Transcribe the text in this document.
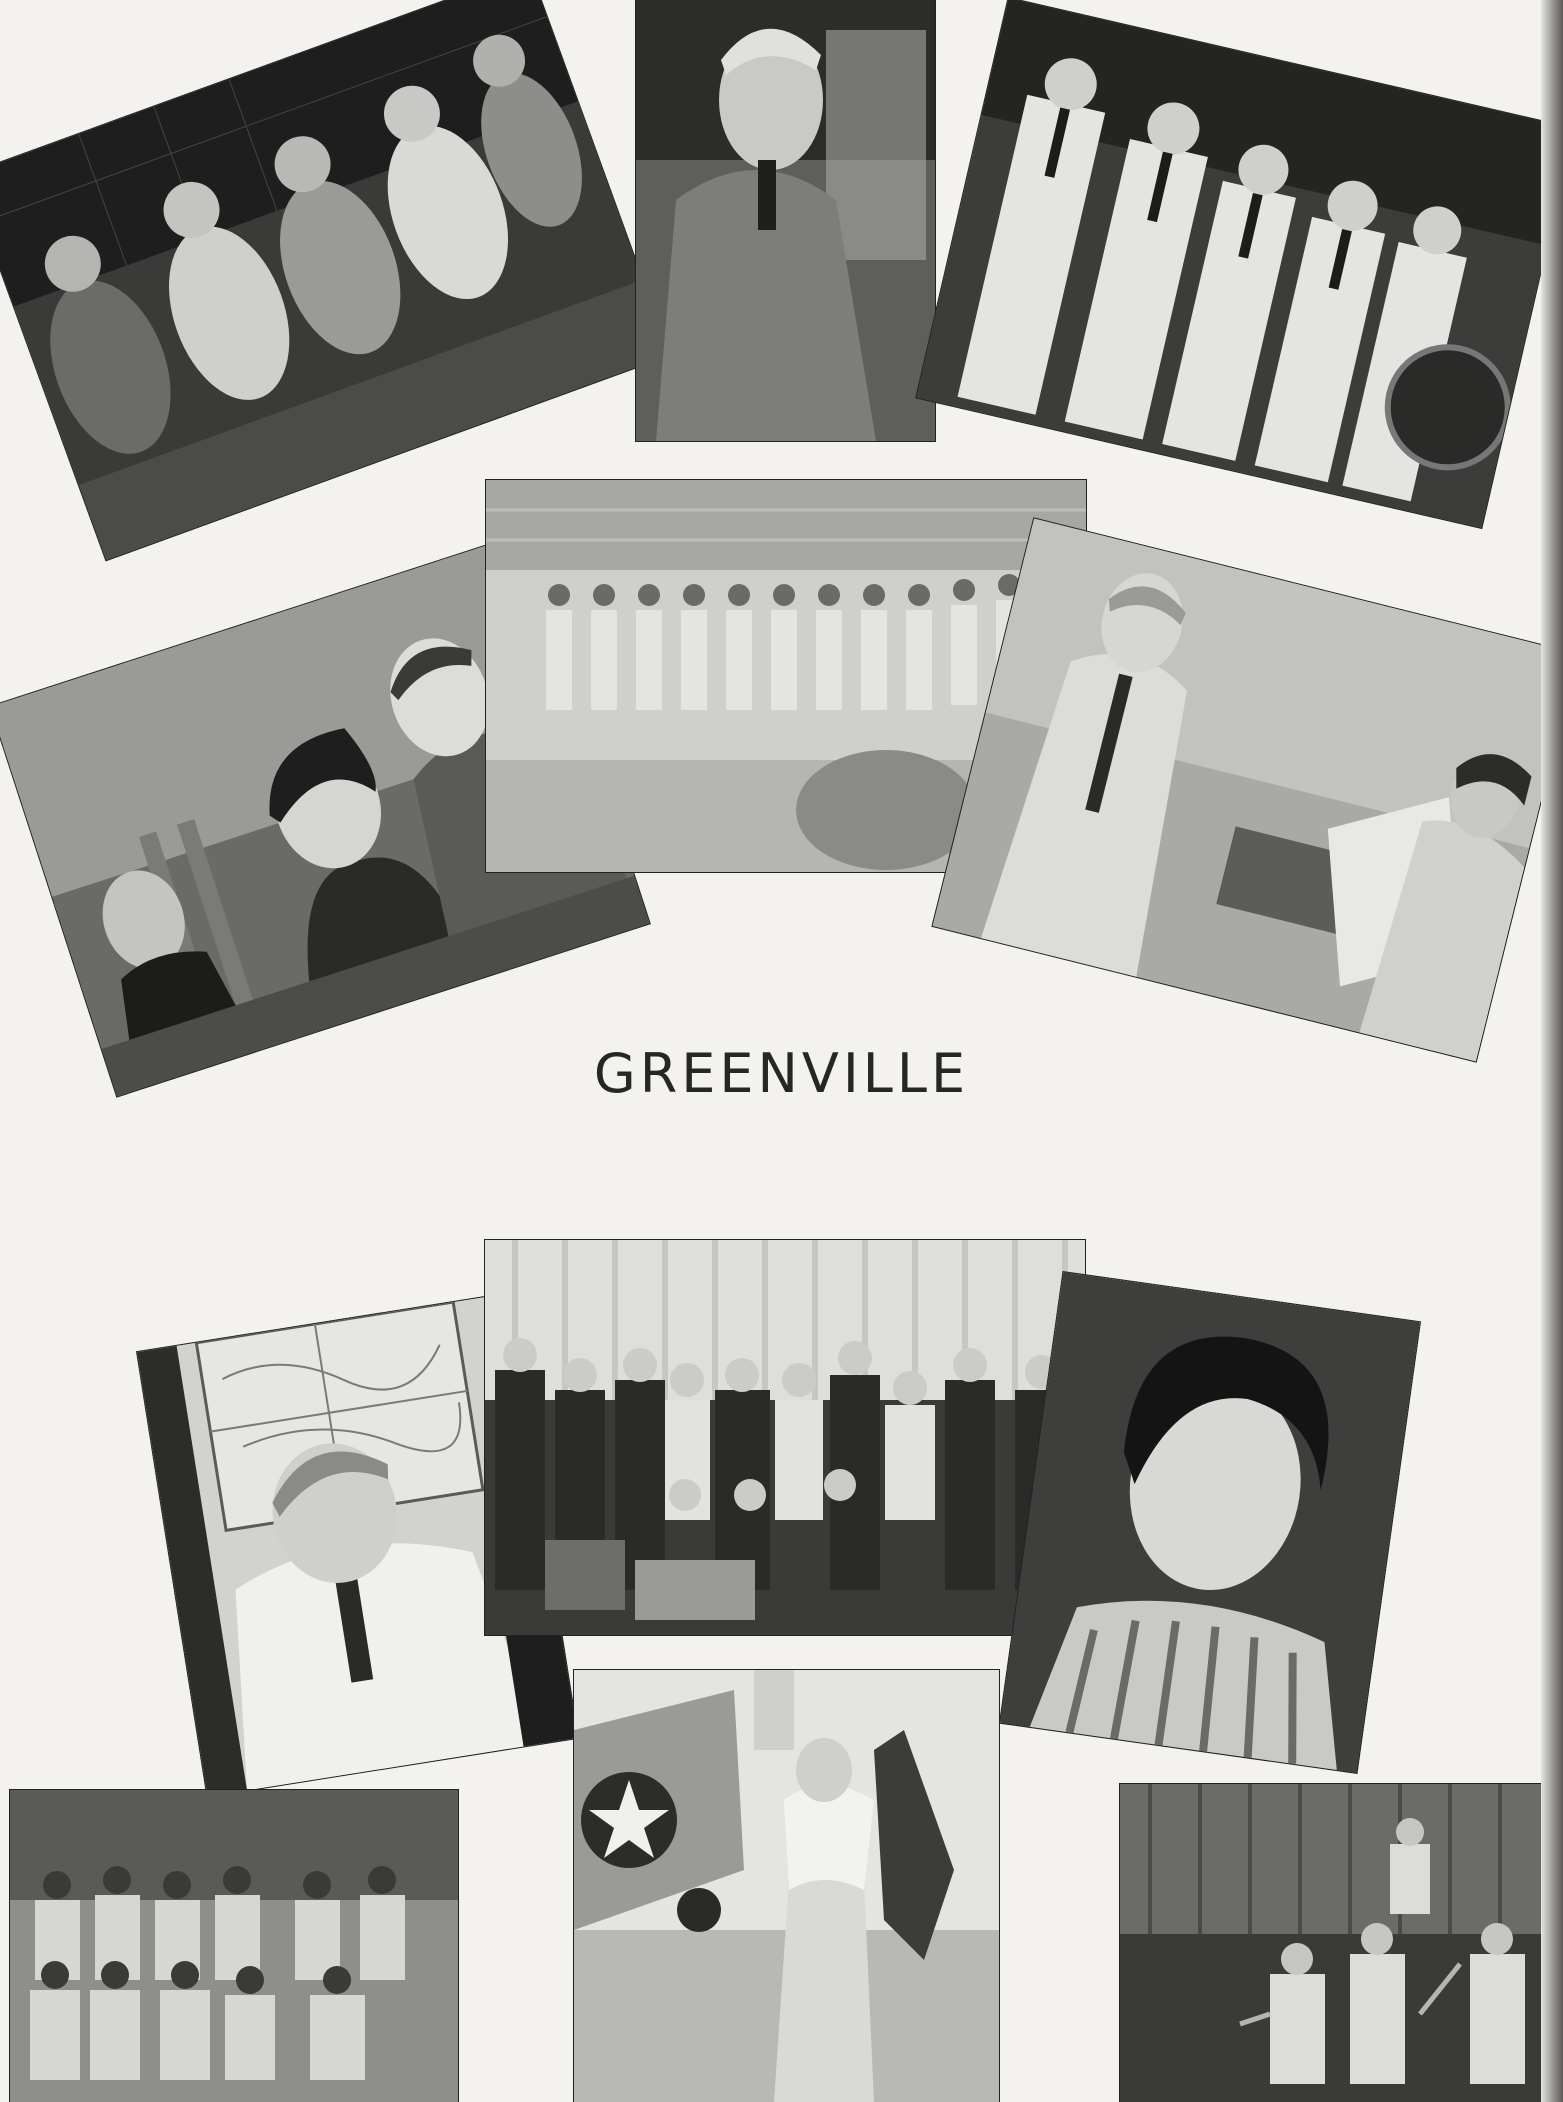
GREENVILLE
